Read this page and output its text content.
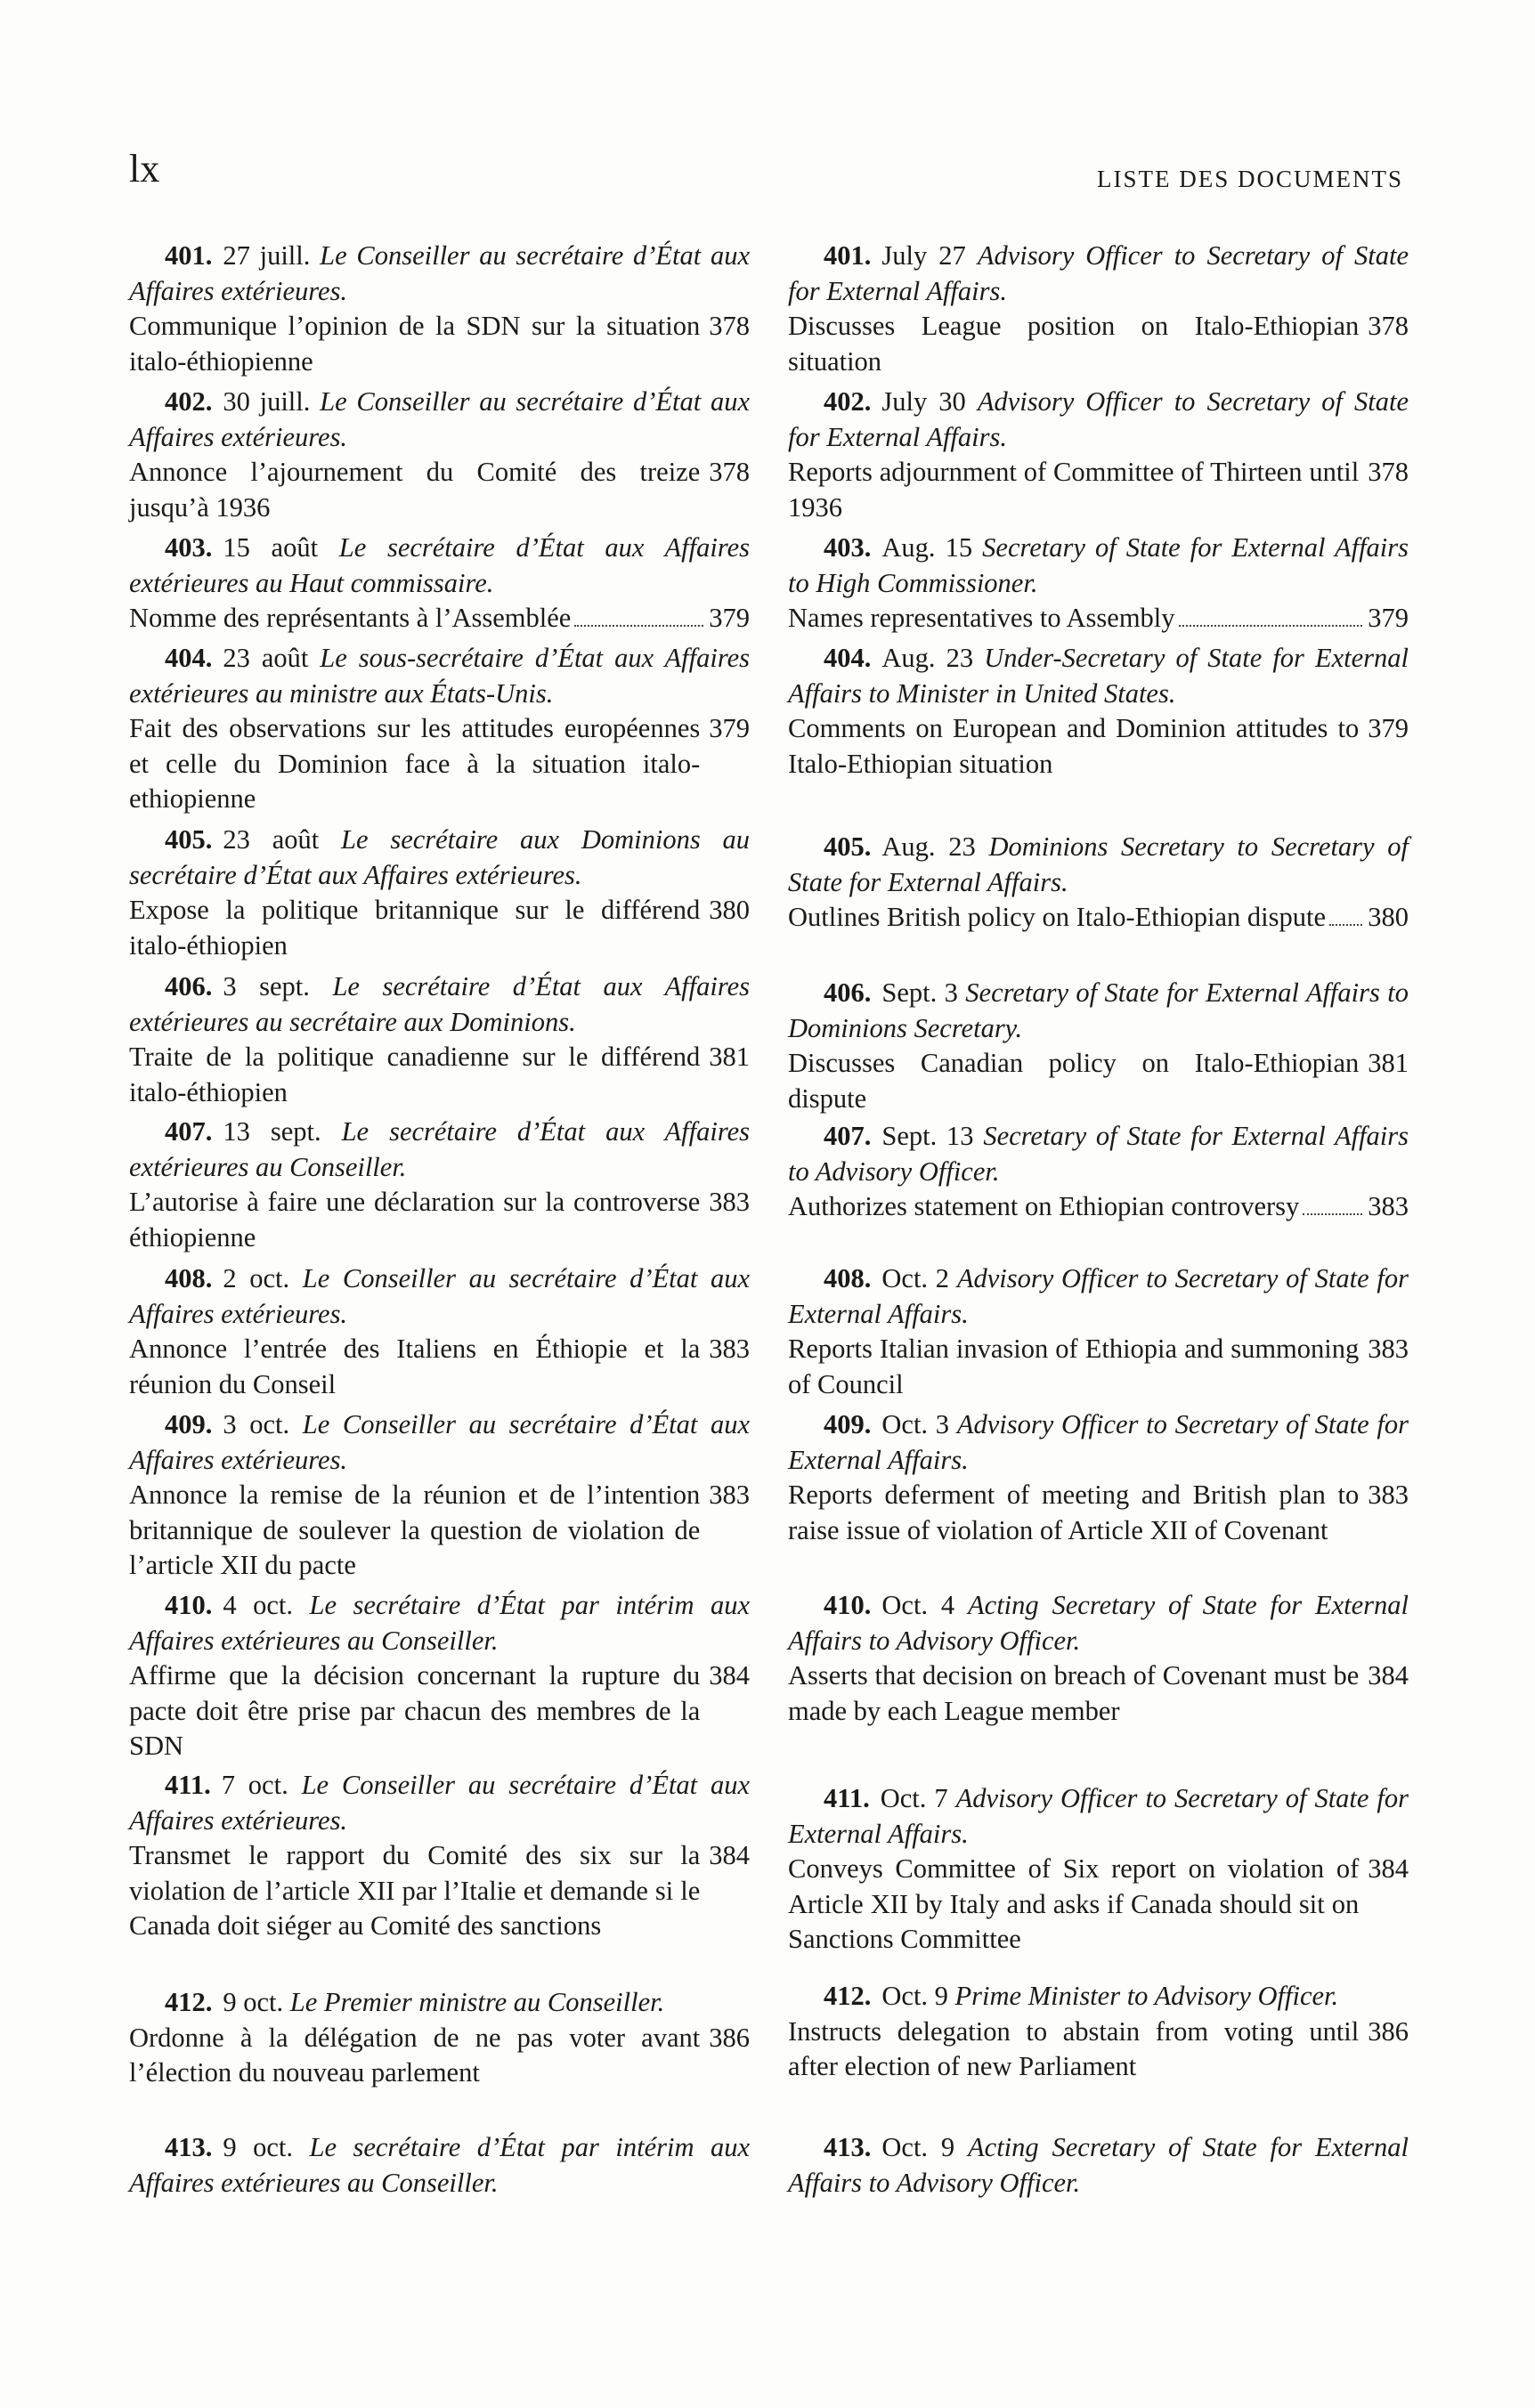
lx	LISTE DES DOCUMENTS
401. 27 juill. Le Conseiller au secrétaire d’État aux Affaires extérieures.
Communique l’opinion de la SDN sur la situation italo-éthiopienne
378
402. 30 juill. Le Conseiller au secrétaire d’État aux Affaires extérieures.
Annonce l’ajournement du Comité des treize jusqu’à 1936
378
403. 15 août Le secrétaire d’État aux Affaires extérieures au Haut commissaire.
Nomme des représentants à l’Assemblée	379
404. 23 août Le sous-secrétaire d’État aux Affaires extérieures au ministre aux États-Unis.
Fait des observations sur les attitudes européennes et celle du Dominion face à la situation italo-ethiopienne
379
405. 23 août Le secrétaire aux Dominions au secrétaire d’État aux Affaires extérieures.
Expose la politique britannique sur le différend italo-éthiopien
380
406. 3 sept. Le secrétaire d’État aux Affaires extérieures au secrétaire aux Dominions.
Traite de la politique canadienne sur le différend italo-éthiopien
381
407. 13 sept. Le secrétaire d’État aux Affaires extérieures au Conseiller.
L’autorise à faire une déclaration sur la controverse éthiopienne
383
408. 2 oct. Le Conseiller au secrétaire d’État aux Affaires extérieures.
Annonce l’entrée des Italiens en Éthiopie et la réunion du Conseil
383
409. 3 oct. Le Conseiller au secrétaire d’État aux Affaires extérieures.
Annonce la remise de la réunion et de l’intention britannique de soulever la question de violation de l’article XII du pacte
383
410. 4 oct. Le secrétaire d’État par intérim aux Affaires extérieures au Conseiller.
Affirme que la décision concernant la rupture du pacte doit être prise par chacun des membres de la SDN
384
411. 7 oct. Le Conseiller au secrétaire d’État aux Affaires extérieures.
Transmet le rapport du Comité des six sur la violation de l’article XII par l’Italie et demande si le Canada doit siéger au Comité des sanctions
384
412. 9 oct. Le Premier ministre au Conseiller.
Ordonne à la délégation de ne pas voter avant l’élection du nouveau parlement
386
413. 9 oct. Le secrétaire d’État par intérim aux Affaires extérieures au Conseiller.
401. July 27 Advisory Officer to Secretary of State for External Affairs.
Discusses League position on Italo-Ethiopian situation
378
402. July 30 Advisory Officer to Secretary of State for External Affairs.
Reports adjournment of Committee of Thirteen until 1936
378
403. Aug. 15 Secretary of State for External Affairs to High Commissioner.
Names representatives to Assembly	379
404. Aug. 23 Under-Secretary of State for External Affairs to Minister in United States.
Comments on European and Dominion attitudes to Italo-Ethiopian situation
379
405. Aug. 23 Dominions Secretary to Secretary of State for External Affairs.
Outlines British policy on Italo-Ethiopian dispute 380
406. Sept. 3 Secretary of State for External Affairs to Dominions Secretary.
Discusses Canadian policy on Italo-Ethiopian dispute
381
407. Sept. 13 Secretary of State for External Affairs to Advisory Officer.
Authorizes statement on Ethiopian controversy	383
408. Oct. 2 Advisory Officer to Secretary of State for External Affairs.
Reports Italian invasion of Ethiopia and summoning of Council
383
409. Oct. 3 Advisory Officer to Secretary of State for External Affairs.
Reports deferment of meeting and British plan to raise issue of violation of Article XII of Covenant
383
410. Oct. 4 Acting Secretary of State for External Affairs to Advisory Officer.
Asserts that decision on breach of Covenant must be made by each League member
384
411. Oct. 7 Advisory Officer to Secretary of State for External Affairs.
Conveys Committee of Six report on violation of Article XII by Italy and asks if Canada should sit on Sanctions Committee
384
412. Oct. 9 Prime Minister to Advisory Officer.
Instructs delegation to abstain from voting until after election of new Parliament
386
413. Oct. 9 Acting Secretary of State for External Affairs to Advisory Officer.
